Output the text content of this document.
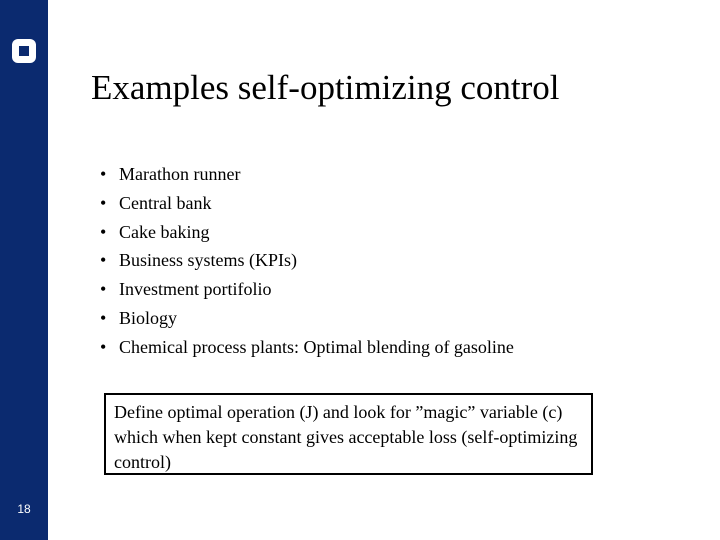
18
Examples self-optimizing control
• Marathon runner
• Central bank
• Cake baking
• Business systems (KPIs)
• Investment portifolio
• Biology
• Chemical process plants: Optimal blending of gasoline
Define optimal operation (J) and look for ”magic” variable (c) which when kept constant gives acceptable loss (self-optimizing control)
